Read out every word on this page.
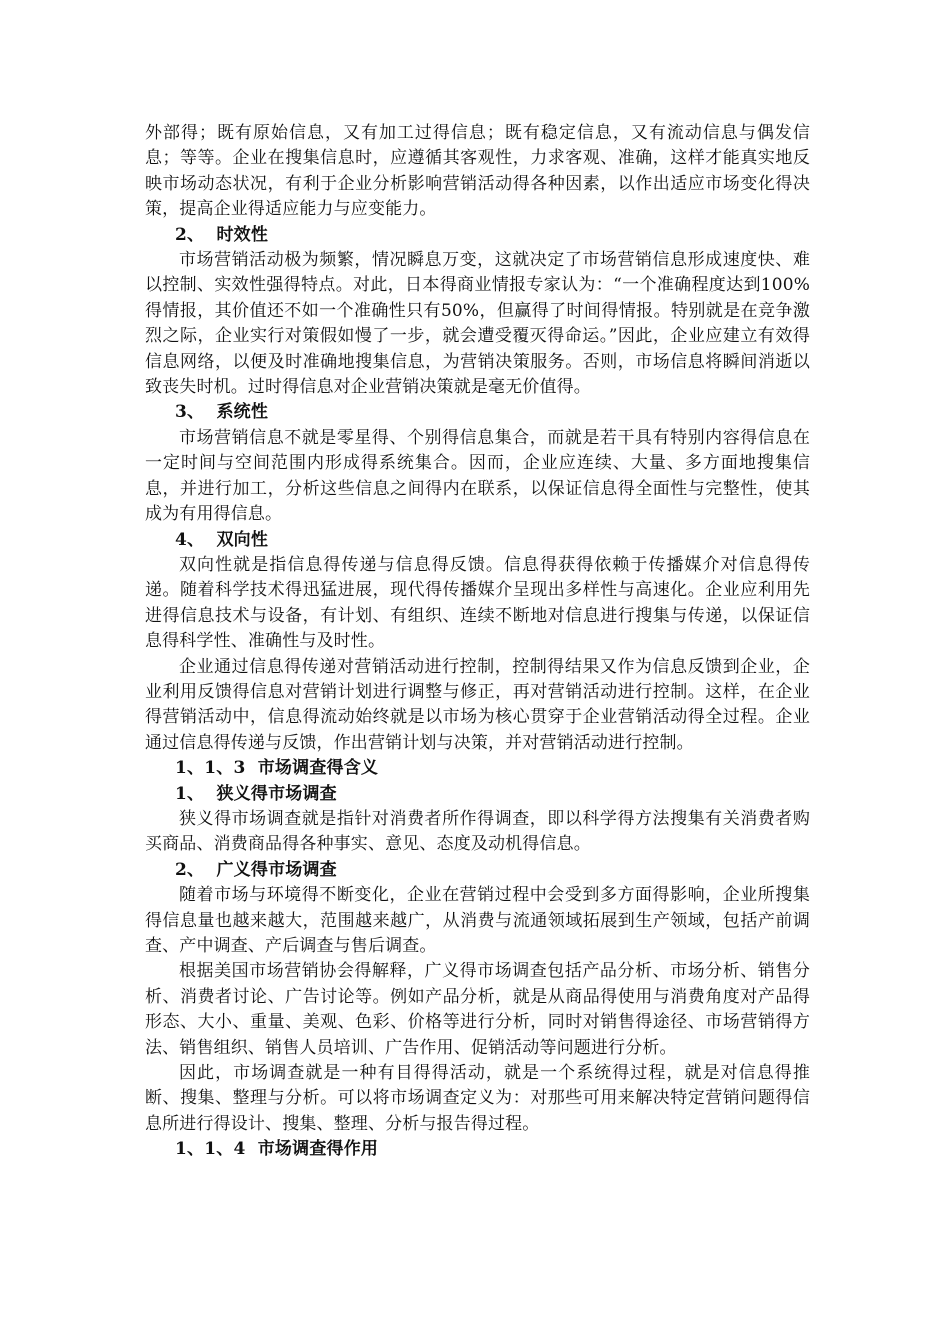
外部得；既有原始信息，又有加工过得信息；既有稳定信息，又有流动信息与偶发信息；等等。企业在搜集信息时，应遵循其客观性，力求客观、准确，这样才能真实地反映市场动态状况，有利于企业分析影响营销活动得各种因素，以作出适应市场变化得决策，提高企业得适应能力与应变能力。

2、  时效性

市场营销活动极为频繁，情况瞬息万变，这就决定了市场营销信息形成速度快、难以控制、实效性强得特点。对此，日本得商业情报专家认为：“一个准确程度达到100%得情报，其价值还不如一个准确性只有50%，但赢得了时间得情报。特别就是在竞争激烈之际，企业实行对策假如慢了一步，就会遭受覆灭得命运。”因此，企业应建立有效得信息网络，以便及时准确地搜集信息，为营销决策服务。否则，市场信息将瞬间消逝以致丧失时机。过时得信息对企业营销决策就是毫无价值得。

3、  系统性

市场营销信息不就是零星得、个别得信息集合，而就是若干具有特别内容得信息在一定时间与空间范围内形成得系统集合。因而，企业应连续、大量、多方面地搜集信息，并进行加工，分析这些信息之间得内在联系，以保证信息得全面性与完整性，使其成为有用得信息。

4、  双向性

双向性就是指信息得传递与信息得反馈。信息得获得依赖于传播媒介对信息得传递。随着科学技术得迅猛进展，现代得传播媒介呈现出多样性与高速化。企业应利用先进得信息技术与设备，有计划、有组织、连续不断地对信息进行搜集与传递，以保证信息得科学性、准确性与及时性。

企业通过信息得传递对营销活动进行控制，控制得结果又作为信息反馈到企业，企业利用反馈得信息对营销计划进行调整与修正，再对营销活动进行控制。这样，在企业得营销活动中，信息得流动始终就是以市场为核心贯穿于企业营销活动得全过程。企业通过信息得传递与反馈，作出营销计划与决策，并对营销活动进行控制。

1、1、3  市场调查得含义

1、  狭义得市场调查

狭义得市场调查就是指针对消费者所作得调查，即以科学得方法搜集有关消费者购买商品、消费商品得各种事实、意见、态度及动机得信息。

2、  广义得市场调查

随着市场与环境得不断变化，企业在营销过程中会受到多方面得影响，企业所搜集得信息量也越来越大，范围越来越广，从消费与流通领域拓展到生产领域，包括产前调查、产中调查、产后调查与售后调查。

根据美国市场营销协会得解释，广义得市场调查包括产品分析、市场分析、销售分析、消费者讨论、广告讨论等。例如产品分析，就是从商品得使用与消费角度对产品得形态、大小、重量、美观、色彩、价格等进行分析，同时对销售得途径、市场营销得方法、销售组织、销售人员培训、广告作用、促销活动等问题进行分析。

因此，市场调查就是一种有目得得活动，就是一个系统得过程，就是对信息得推断、搜集、整理与分析。可以将市场调查定义为：对那些可用来解决特定营销问题得信息所进行得设计、搜集、整理、分析与报告得过程。

1、1、4  市场调查得作用
